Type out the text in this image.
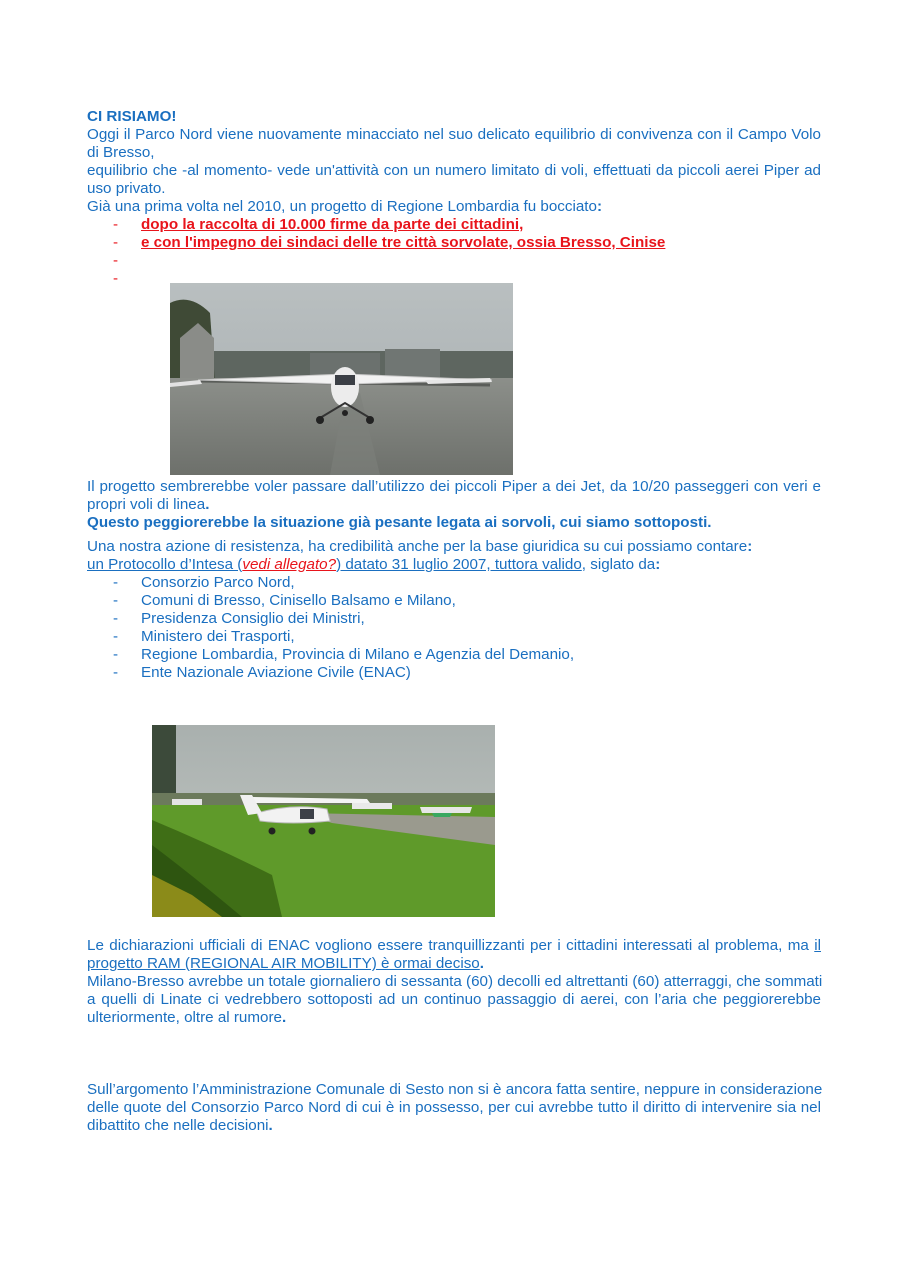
CI RISIAMO!
Oggi il Parco Nord viene nuovamente minacciato nel suo delicato equilibrio di convivenza con il Campo Volo
di Bresso,
equilibrio che -al momento- vede un'attività con un numero limitato di voli, effettuati da piccoli aerei Piper ad
uso privato.
Già una prima volta nel 2010, un progetto di Regione Lombardia fu bocciato:
- dopo la raccolta di 10.000 firme da parte dei cittadini,
- e con l'impegno dei sindaci delle tre città sorvolate, ossia Bresso, Cinise
-
-
Il progetto sembrerebbe voler passare dall’utilizzo dei piccoli Piper a dei Jet, da 10/20 passeggeri con veri e
propri voli di linea.
Questo peggiorerebbe la situazione già pesante legata ai sorvoli, cui siamo sottoposti.
Una nostra azione di resistenza, ha credibilità anche per la base giuridica su cui possiamo contare:
un Protocollo d’Intesa (vedi allegato?) datato 31 luglio 2007, tuttora valido, siglato da:
- Consorzio Parco Nord,
- Comuni di Bresso, Cinisello Balsamo e Milano,
- Presidenza Consiglio dei Ministri,
- Ministero dei Trasporti,
- Regione Lombardia, Provincia di Milano e Agenzia del Demanio,
- Ente Nazionale Aviazione Civile (ENAC)
Le dichiarazioni ufficiali di ENAC vogliono essere tranquillizzanti per i cittadini interessati al problema, ma il
progetto RAM (REGIONAL AIR MOBILITY) è ormai deciso.
Milano-Bresso avrebbe un totale giornaliero di sessanta (60) decolli ed altrettanti (60) atterraggi, che sommati
a quelli di Linate ci vedrebbero sottoposti ad un continuo passaggio di aerei, con l’aria che peggiorerebbe
ulteriormente, oltre al rumore.
Sull’argomento l’Amministrazione Comunale di Sesto non si è ancora fatta sentire, neppure in considerazione
delle quote del Consorzio Parco Nord di cui è in possesso, per cui avrebbe tutto il diritto di intervenire sia nel
dibattito che nelle decisioni.
